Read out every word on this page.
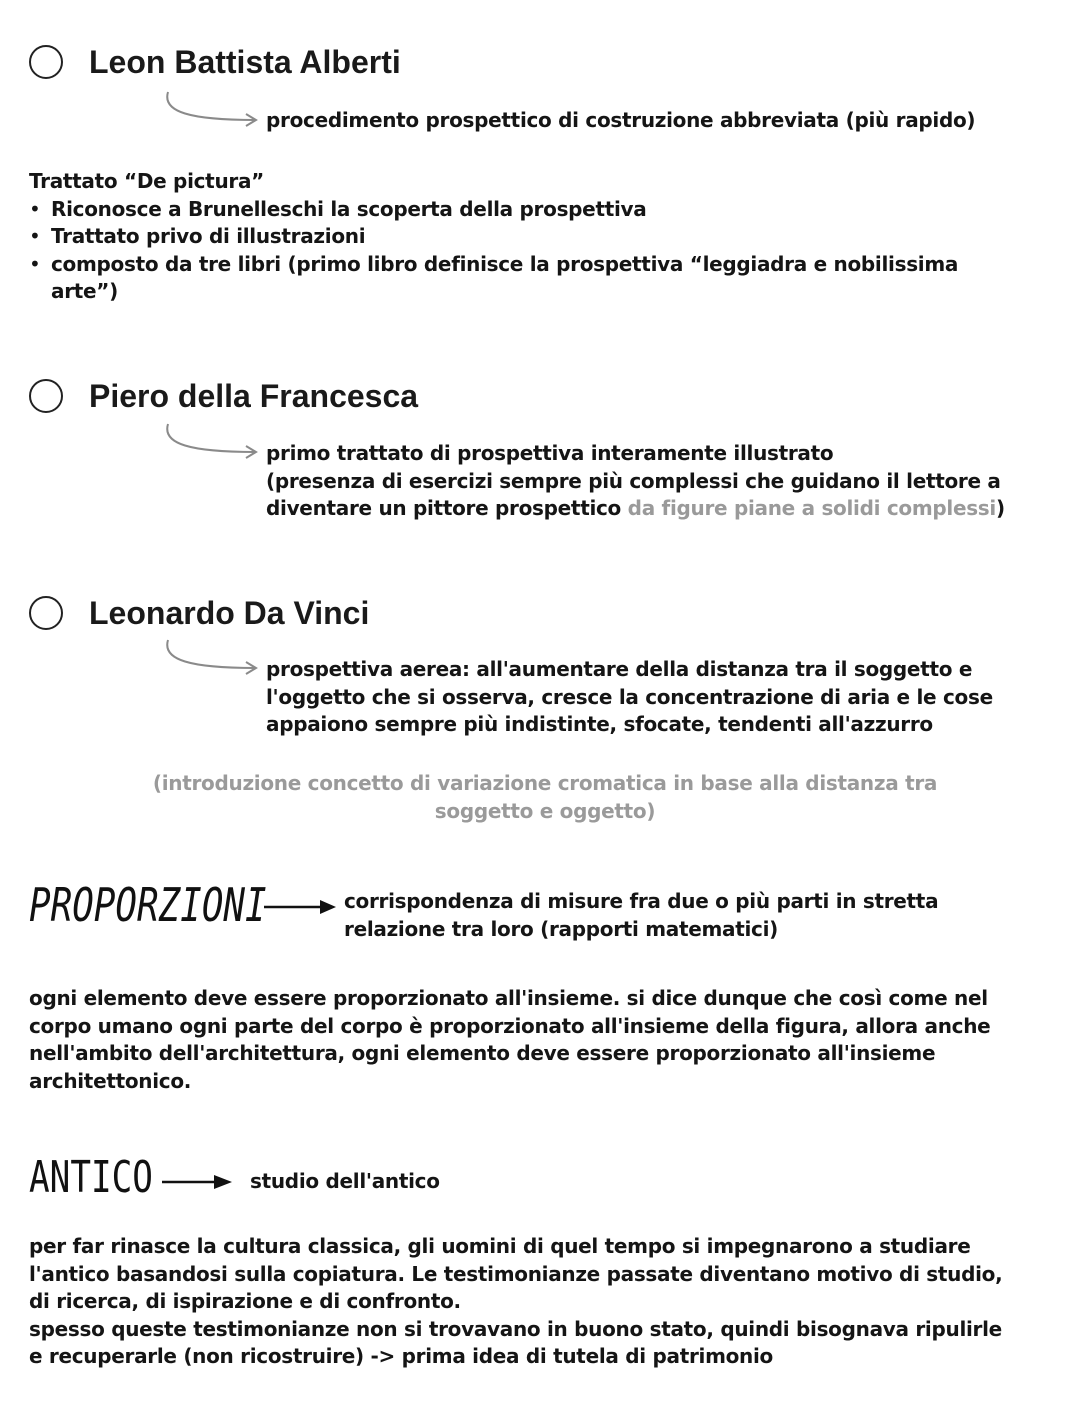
Leon Battista Alberti
procedimento prospettico di costruzione abbreviata (più rapido)
Trattato “De pictura”
• Riconosce a Brunelleschi la scoperta della prospettiva
• Trattato privo di illustrazioni
• composto da tre libri (primo libro definisce la prospettiva “leggiadra e nobilissima arte”)
Piero della Francesca
primo trattato di prospettiva interamente illustrato
(presenza di esercizi sempre più complessi che guidano il lettore a
diventare un pittore prospettico da figure piane a solidi complessi)
Leonardo Da Vinci
prospettiva aerea: all'aumentare della distanza tra il soggetto e
l'oggetto che si osserva, cresce la concentrazione di aria e le cose
appaiono sempre più indistinte, sfocate, tendenti all'azzurro
(introduzione concetto di variazione cromatica in base alla distanza tra
soggetto e oggetto)
PROPORZIONI	corrispondenza di misure fra due o più parti in stretta
relazione tra loro (rapporti matematici)
ogni elemento deve essere proporzionato all'insieme. si dice dunque che così come nel
corpo umano ogni parte del corpo è proporzionato all'insieme della figura, allora anche
nell'ambito dell'architettura, ogni elemento deve essere proporzionato all'insieme
architettonico.
ANTICO	studio dell'antico
per far rinasce la cultura classica, gli uomini di quel tempo si impegnarono a studiare
l'antico basandosi sulla copiatura. Le testimonianze passate diventano motivo di studio,
di ricerca, di ispirazione e di confronto.
spesso queste testimonianze non si trovavano in buono stato, quindi bisognava ripulirle
e recuperarle (non ricostruire) -> prima idea di tutela di patrimonio
